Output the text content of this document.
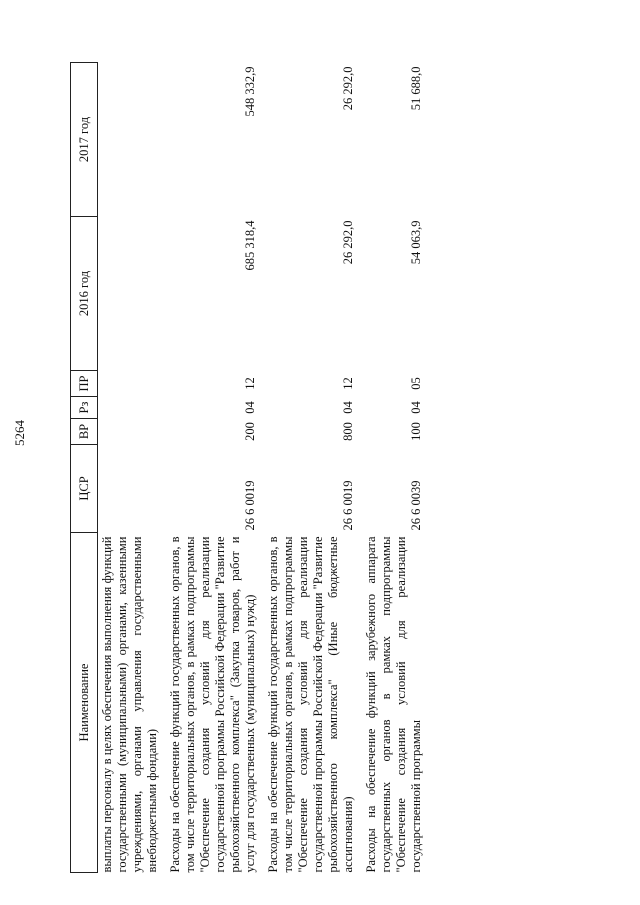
5264
Наименование	ЦСР	ВР	Рз	ПР	2016 год	2017 год
выплаты персоналу в целях обеспечения выполнения функций государственными (муниципальными) органами, казенными учреждениями, органами управления государственными внебюджетными фондами)						

Расходы на обеспечение функций государственных органов, в том числе территориальных органов, в рамках подпрограммы "Обеспечение создания условий для реализации государственной программы Российской Федерации "Развитие рыбохозяйственного комплекса" (Закупка товаров, работ и услуг для государственных (муниципальных) нужд)	26 6 0019	200	04	12	685 318,4	548 332,9

Расходы на обеспечение функций государственных органов, в том числе территориальных органов, в рамках подпрограммы "Обеспечение создания условий для реализации государственной программы Российской Федерации "Развитие рыбохозяйственного комплекса" (Иные бюджетные ассигнования)	26 6 0019	800	04	12	26 292,0	26 292,0

Расходы на обеспечение функций зарубежного аппарата государственных органов в рамках подпрограммы "Обеспечение создания условий для реализации государственной программы	26 6 0039	100	04	05	54 063,9	51 688,0
